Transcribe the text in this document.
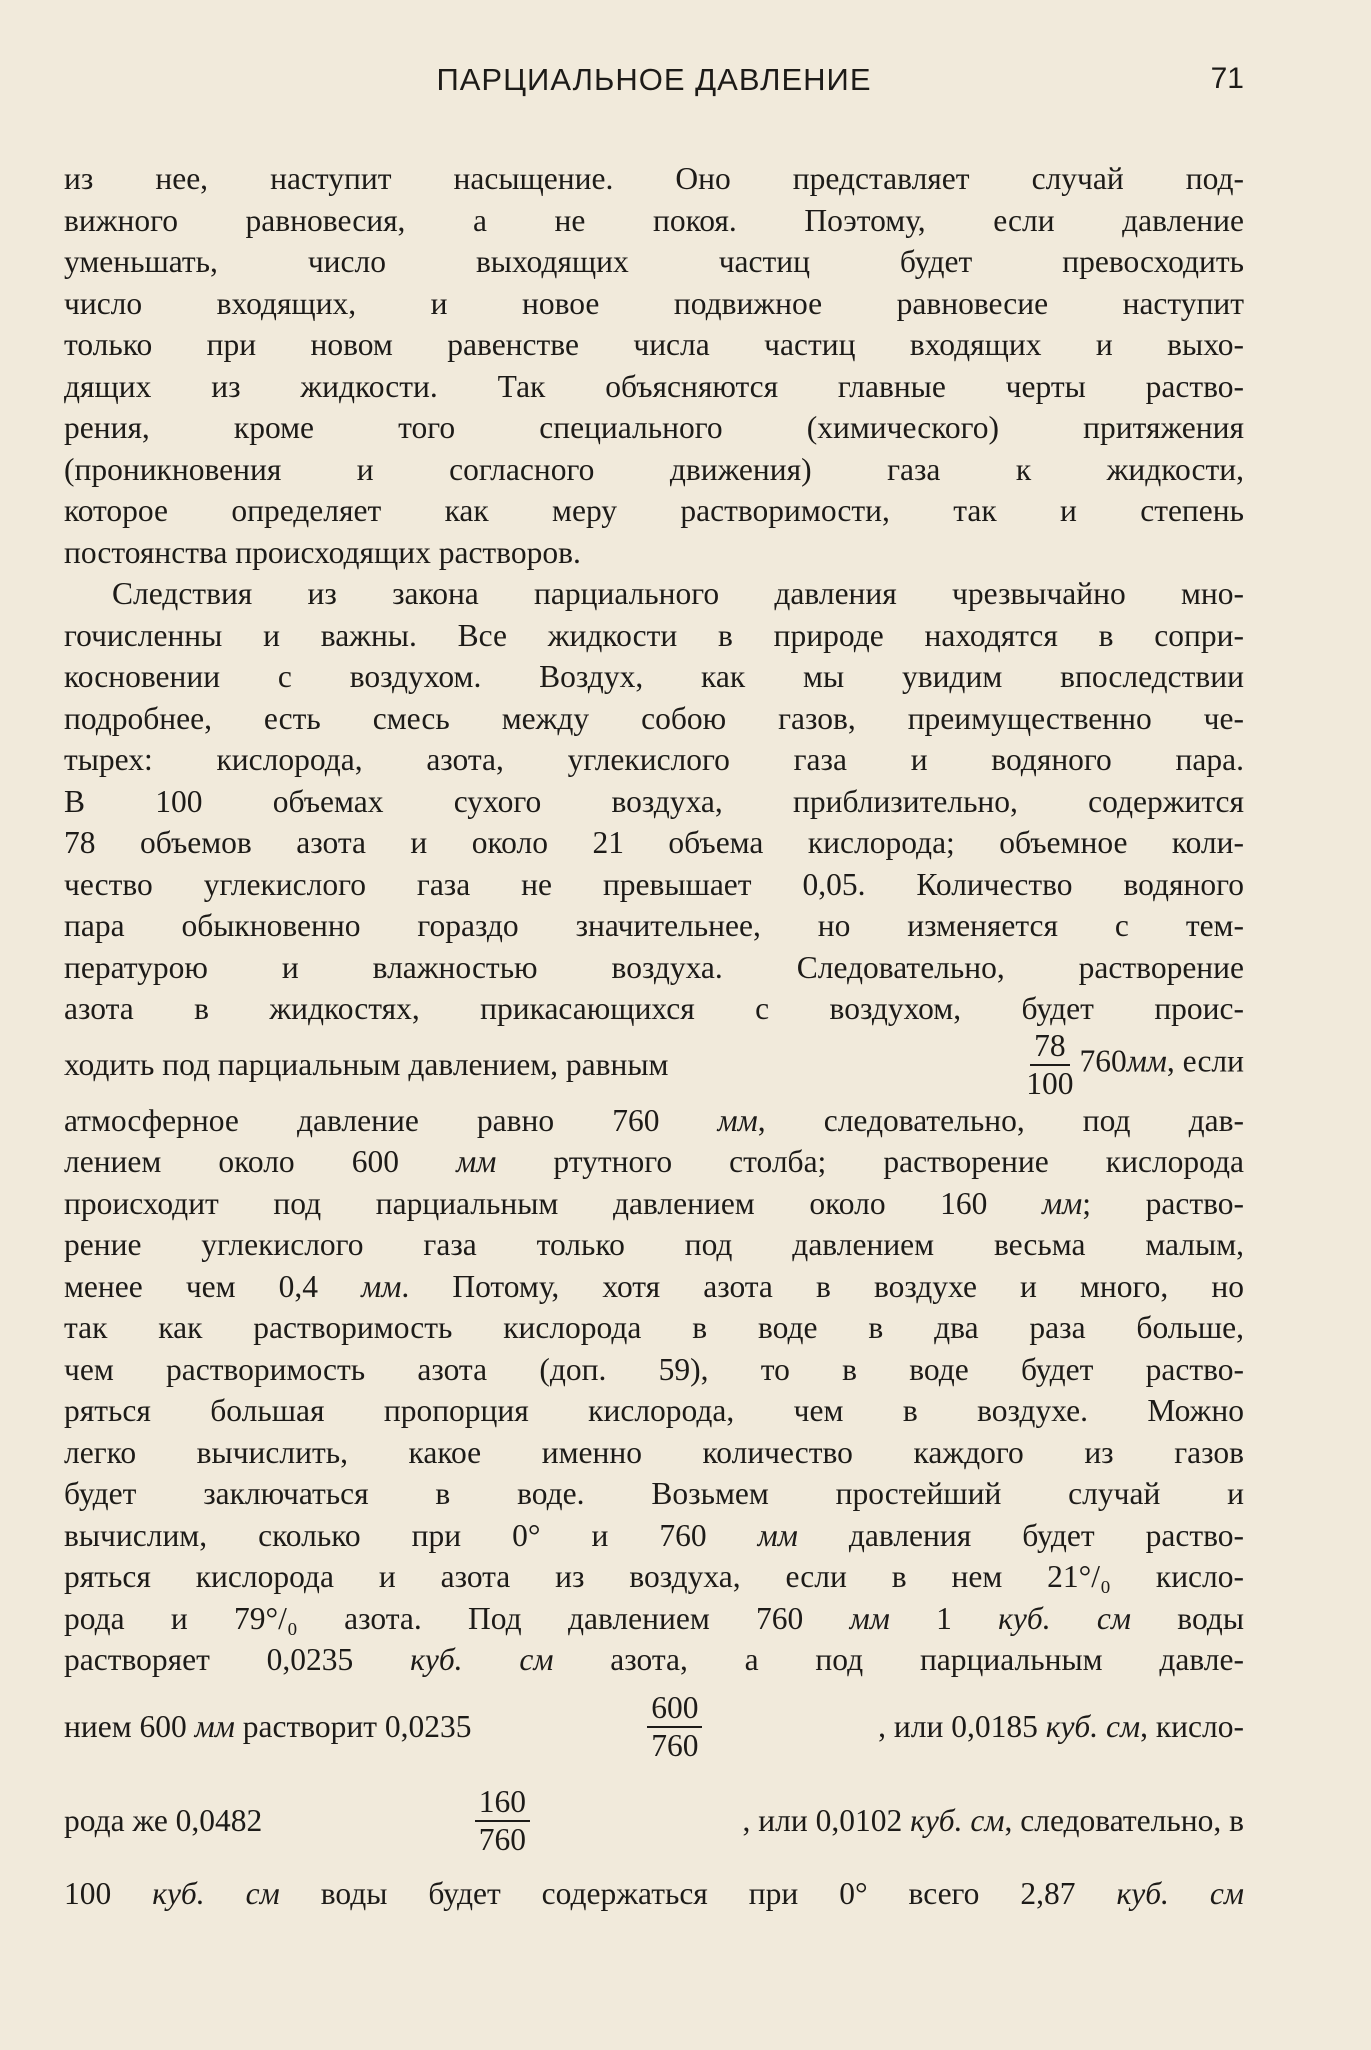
ПАРЦИАЛЬНОЕ ДАВЛЕНИЕ	71
из нее, наступит насыщение. Оно представляет случай под-
вижного равновесия, а не покоя. Поэтому, если давление
уменьшать, число выходящих частиц будет превосходить
число входящих, и новое подвижное равновесие наступит
только при новом равенстве числа частиц входящих и выхо-
дящих из жидкости. Так объясняются главные черты раство-
рения, кроме того специального (химического) притяжения
(проникновения и согласного движения) газа к жидкости,
которое определяет как меру растворимости, так и степень
постоянства происходящих растворов.
Следствия из закона парциального давления чрезвычайно мно-
гочисленны и важны. Все жидкости в природе находятся в сопри-
косновении с воздухом. Воздух, как мы увидим впоследствии
подробнее, есть смесь между собою газов, преимущественно че-
тырех: кислорода, азота, углекислого газа и водяного пара.
В 100 объемах сухого воздуха, приблизительно, содержится
78 объемов азота и около 21 объема кислорода; объемное коли-
чество углекислого газа не превышает 0,05. Количество водяного
пара обыкновенно гораздо значительнее, но изменяется с тем-
пературою и влажностью воздуха. Следовательно, растворение
азота в жидкостях, прикасающихся с воздухом, будет проис-
ходить под парциальным давлением, равным	$\frac{78}{100} 760мм$, если
атмосферное давление равно 760 мм, следовательно, под дав-
лением около 600 мм ртутного столба; растворение кислорода
происходит под парциальным давлением около 160 мм; раство-
рение углекислого газа только под давлением весьма малым,
менее чем 0,4 мм. Потому, хотя азота в воздухе и много, но
так как растворимость кислорода в воде в два раза больше,
чем растворимость азота (доп. 59), то в воде будет раство-
ряться большая пропорция кислорода, чем в воздухе. Можно
легко вычислить, какое именно количество каждого из газов
будет заключаться в воде. Возьмем простейший случай и
вычислим, сколько при 0° и 760 мм давления будет раство-
ряться кислорода и азота из воздуха, если в нем 21°/₀ кисло-
рода и 79°/₀ азота. Под давлением 760 мм 1 куб. см воды
растворяет 0,0235 куб. см азота, а под парциальным давле-
нием 600 мм растворит 0,0235	$\frac{600}{760}$	, или 0,0185 куб. см, кисло-
рода же 0,0482	$\frac{160}{760}$	, или 0,0102 куб. см, следовательно, в
100 куб. см воды будет содержаться при 0° всего 2,87 куб. см
